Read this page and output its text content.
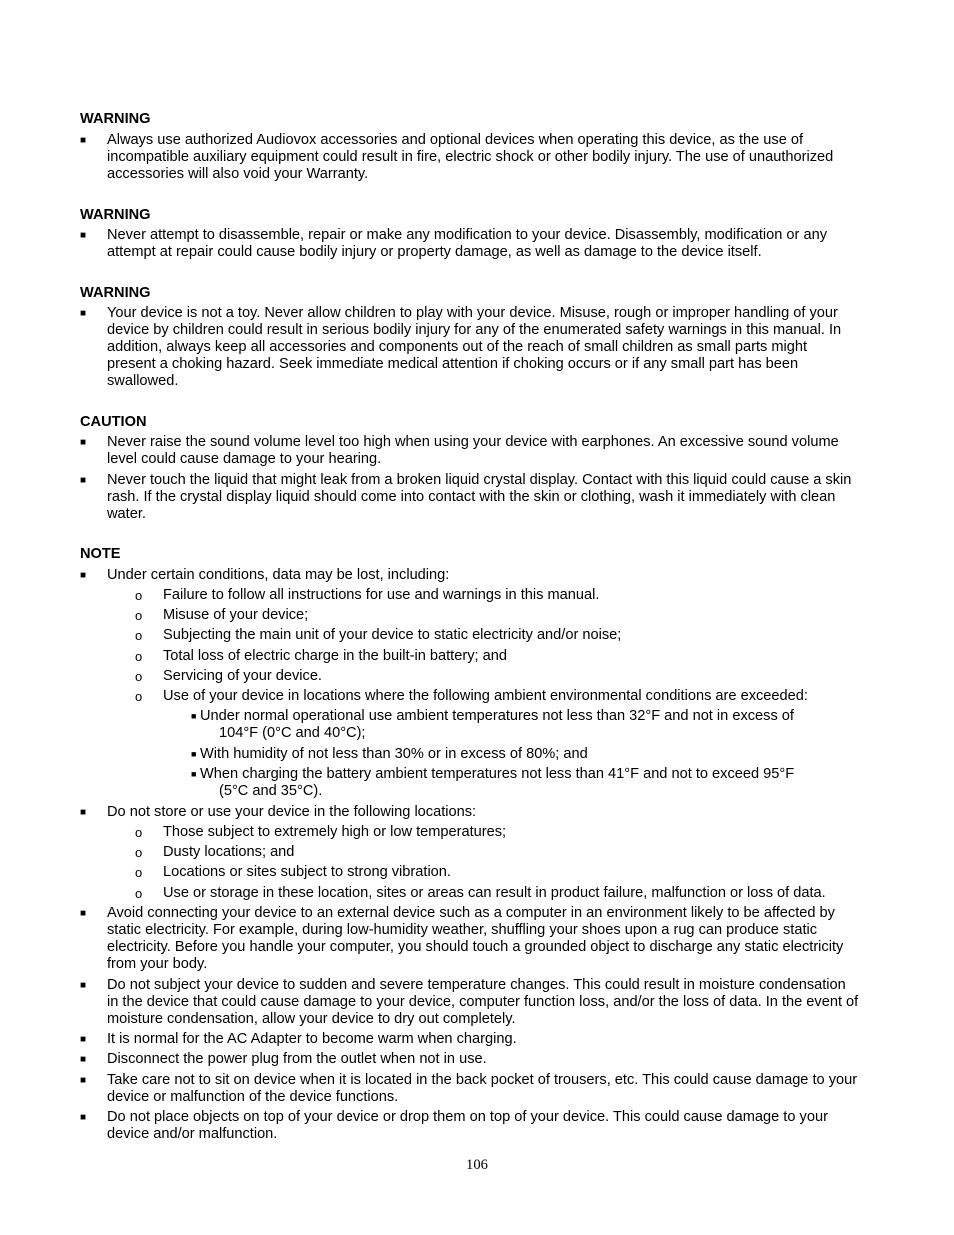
WARNING
■ Always use authorized Audiovox accessories and optional devices when operating this device, as the use of incompatible auxiliary equipment could result in fire, electric shock or other bodily injury. The use of unauthorized accessories will also void your Warranty.
WARNING
■ Never attempt to disassemble, repair or make any modification to your device. Disassembly, modification or any attempt at repair could cause bodily injury or property damage, as well as damage to the device itself.
WARNING
■ Your device is not a toy. Never allow children to play with your device. Misuse, rough or improper handling of your device by children could result in serious bodily injury for any of the enumerated safety warnings in this manual. In addition, always keep all accessories and components out of the reach of small children as small parts might present a choking hazard. Seek immediate medical attention if choking occurs or if any small part has been swallowed.
CAUTION
■ Never raise the sound volume level too high when using your device with earphones. An excessive sound volume level could cause damage to your hearing.
■ Never touch the liquid that might leak from a broken liquid crystal display. Contact with this liquid could cause a skin rash. If the crystal display liquid should come into contact with the skin or clothing, wash it immediately with clean water.
NOTE
■ Under certain conditions, data may be lost, including:
o Failure to follow all instructions for use and warnings in this manual.
o Misuse of your device;
o Subjecting the main unit of your device to static electricity and/or noise;
o Total loss of electric charge in the built-in battery; and
o Servicing of your device.
o Use of your device in locations where the following ambient environmental conditions are exceeded:
■ Under normal operational use ambient temperatures not less than 32°F and not in excess of
104°F (0°C and 40°C);
■ With humidity of not less than 30% or in excess of 80%; and
■ When charging the battery ambient temperatures not less than 41°F and not to exceed 95°F
(5°C and 35°C).
■ Do not store or use your device in the following locations:
o Those subject to extremely high or low temperatures;
o Dusty locations; and
o Locations or sites subject to strong vibration.
o Use or storage in these location, sites or areas can result in product failure, malfunction or loss of data.
■ Avoid connecting your device to an external device such as a computer in an environment likely to be affected by static electricity. For example, during low-humidity weather, shuffling your shoes upon a rug can produce static electricity. Before you handle your computer, you should touch a grounded object to discharge any static electricity from your body.
■ Do not subject your device to sudden and severe temperature changes. This could result in moisture condensation in the device that could cause damage to your device, computer function loss, and/or the loss of data. In the event of moisture condensation, allow your device to dry out completely.
■ It is normal for the AC Adapter to become warm when charging.
■ Disconnect the power plug from the outlet when not in use.
■ Take care not to sit on device when it is located in the back pocket of trousers, etc. This could cause damage to your device or malfunction of the device functions.
■ Do not place objects on top of your device or drop them on top of your device. This could cause damage to your device and/or malfunction.
106
